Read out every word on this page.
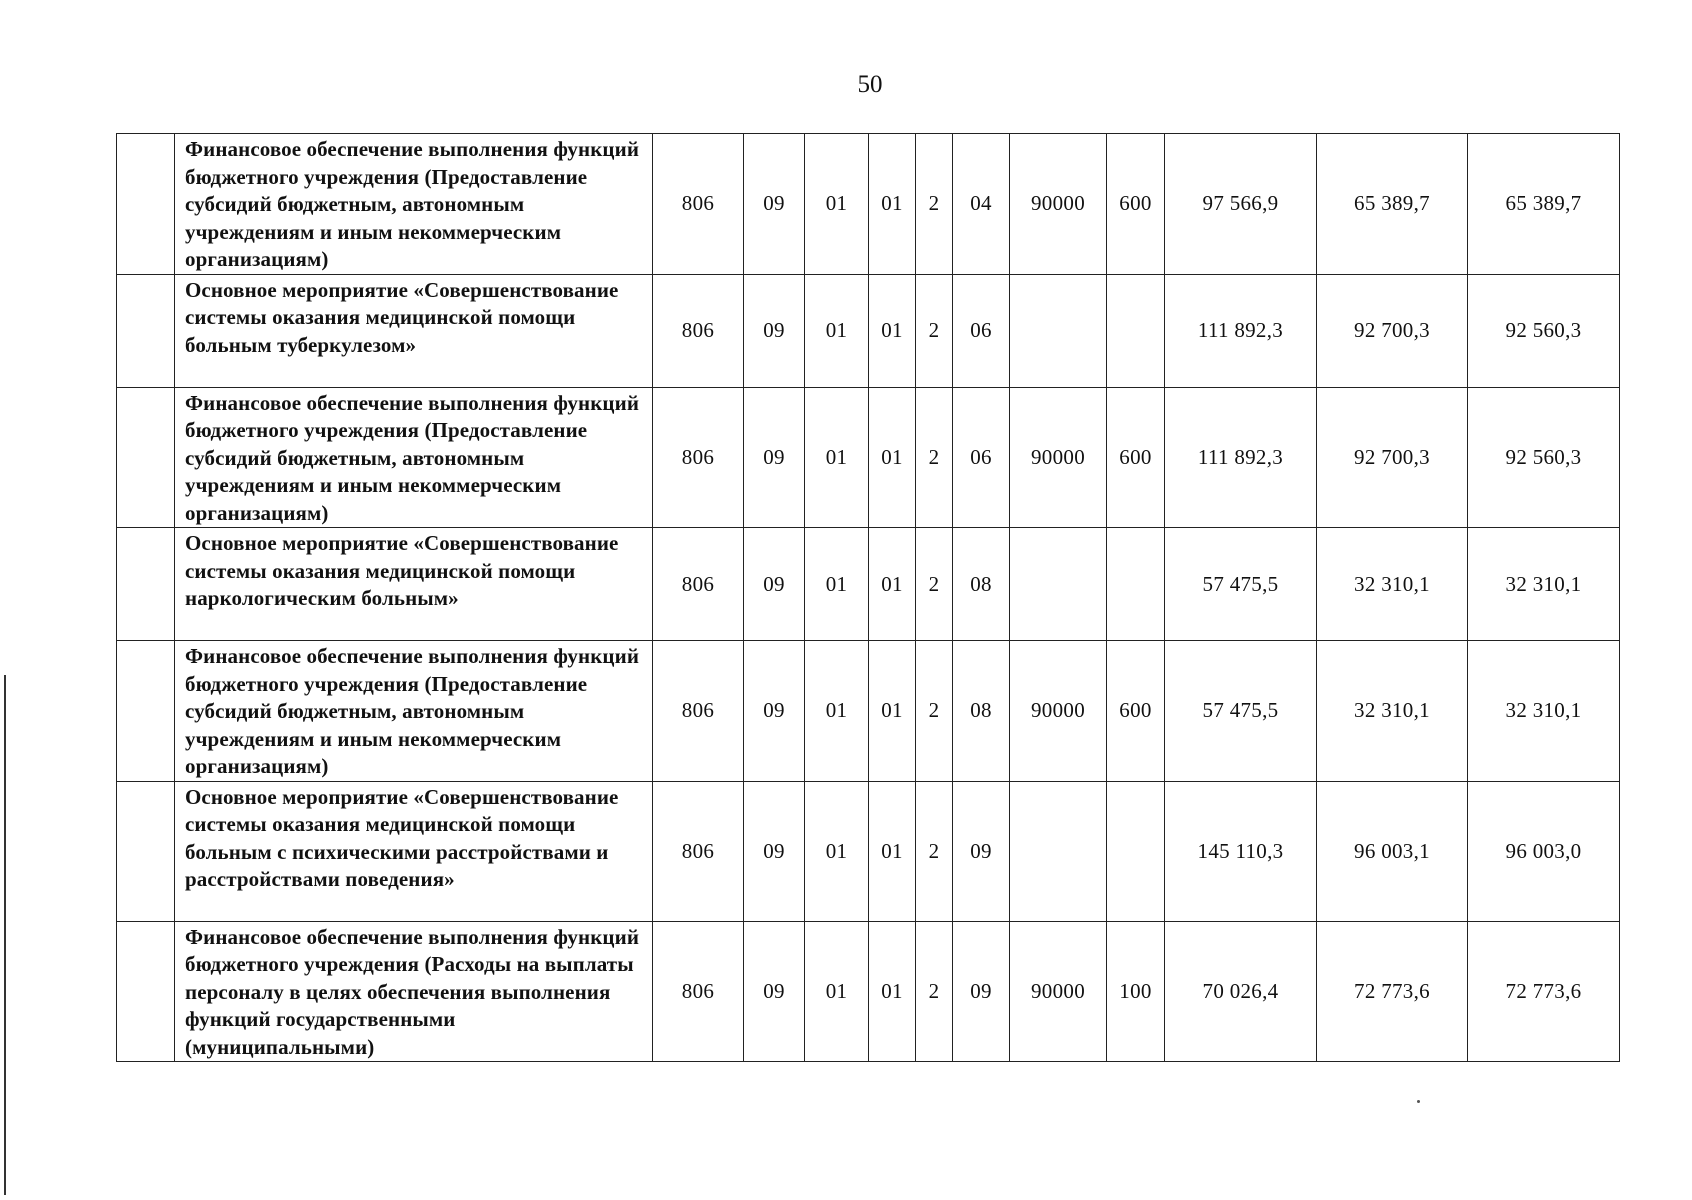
50
	Финансовое обеспечение выполнения функций бюджетного учреждения (Предоставление субсидий бюджетным, автономным учреждениям и иным некоммерческим организациям)	806	09	01	01	2	04	90000	600	97 566,9	65 389,7	65 389,7
	Основное мероприятие «Совершенствование системы оказания медицинской помощи больным туберкулезом»	806	09	01	01	2	06			111 892,3	92 700,3	92 560,3
	Финансовое обеспечение выполнения функций бюджетного учреждения (Предоставление субсидий бюджетным, автономным учреждениям и иным некоммерческим организациям)	806	09	01	01	2	06	90000	600	111 892,3	92 700,3	92 560,3
	Основное мероприятие «Совершенствование системы оказания медицинской помощи наркологическим больным»	806	09	01	01	2	08			57 475,5	32 310,1	32 310,1
	Финансовое обеспечение выполнения функций бюджетного учреждения (Предоставление субсидий бюджетным, автономным учреждениям и иным некоммерческим организациям)	806	09	01	01	2	08	90000	600	57 475,5	32 310,1	32 310,1
	Основное мероприятие «Совершенствование системы оказания медицинской помощи больным с психическими расстройствами и расстройствами поведения»	806	09	01	01	2	09			145 110,3	96 003,1	96 003,0
	Финансовое обеспечение выполнения функций бюджетного учреждения (Расходы на выплаты персоналу в целях обеспечения выполнения функций государственными (муниципальными)	806	09	01	01	2	09	90000	100	70 026,4	72 773,6	72 773,6
